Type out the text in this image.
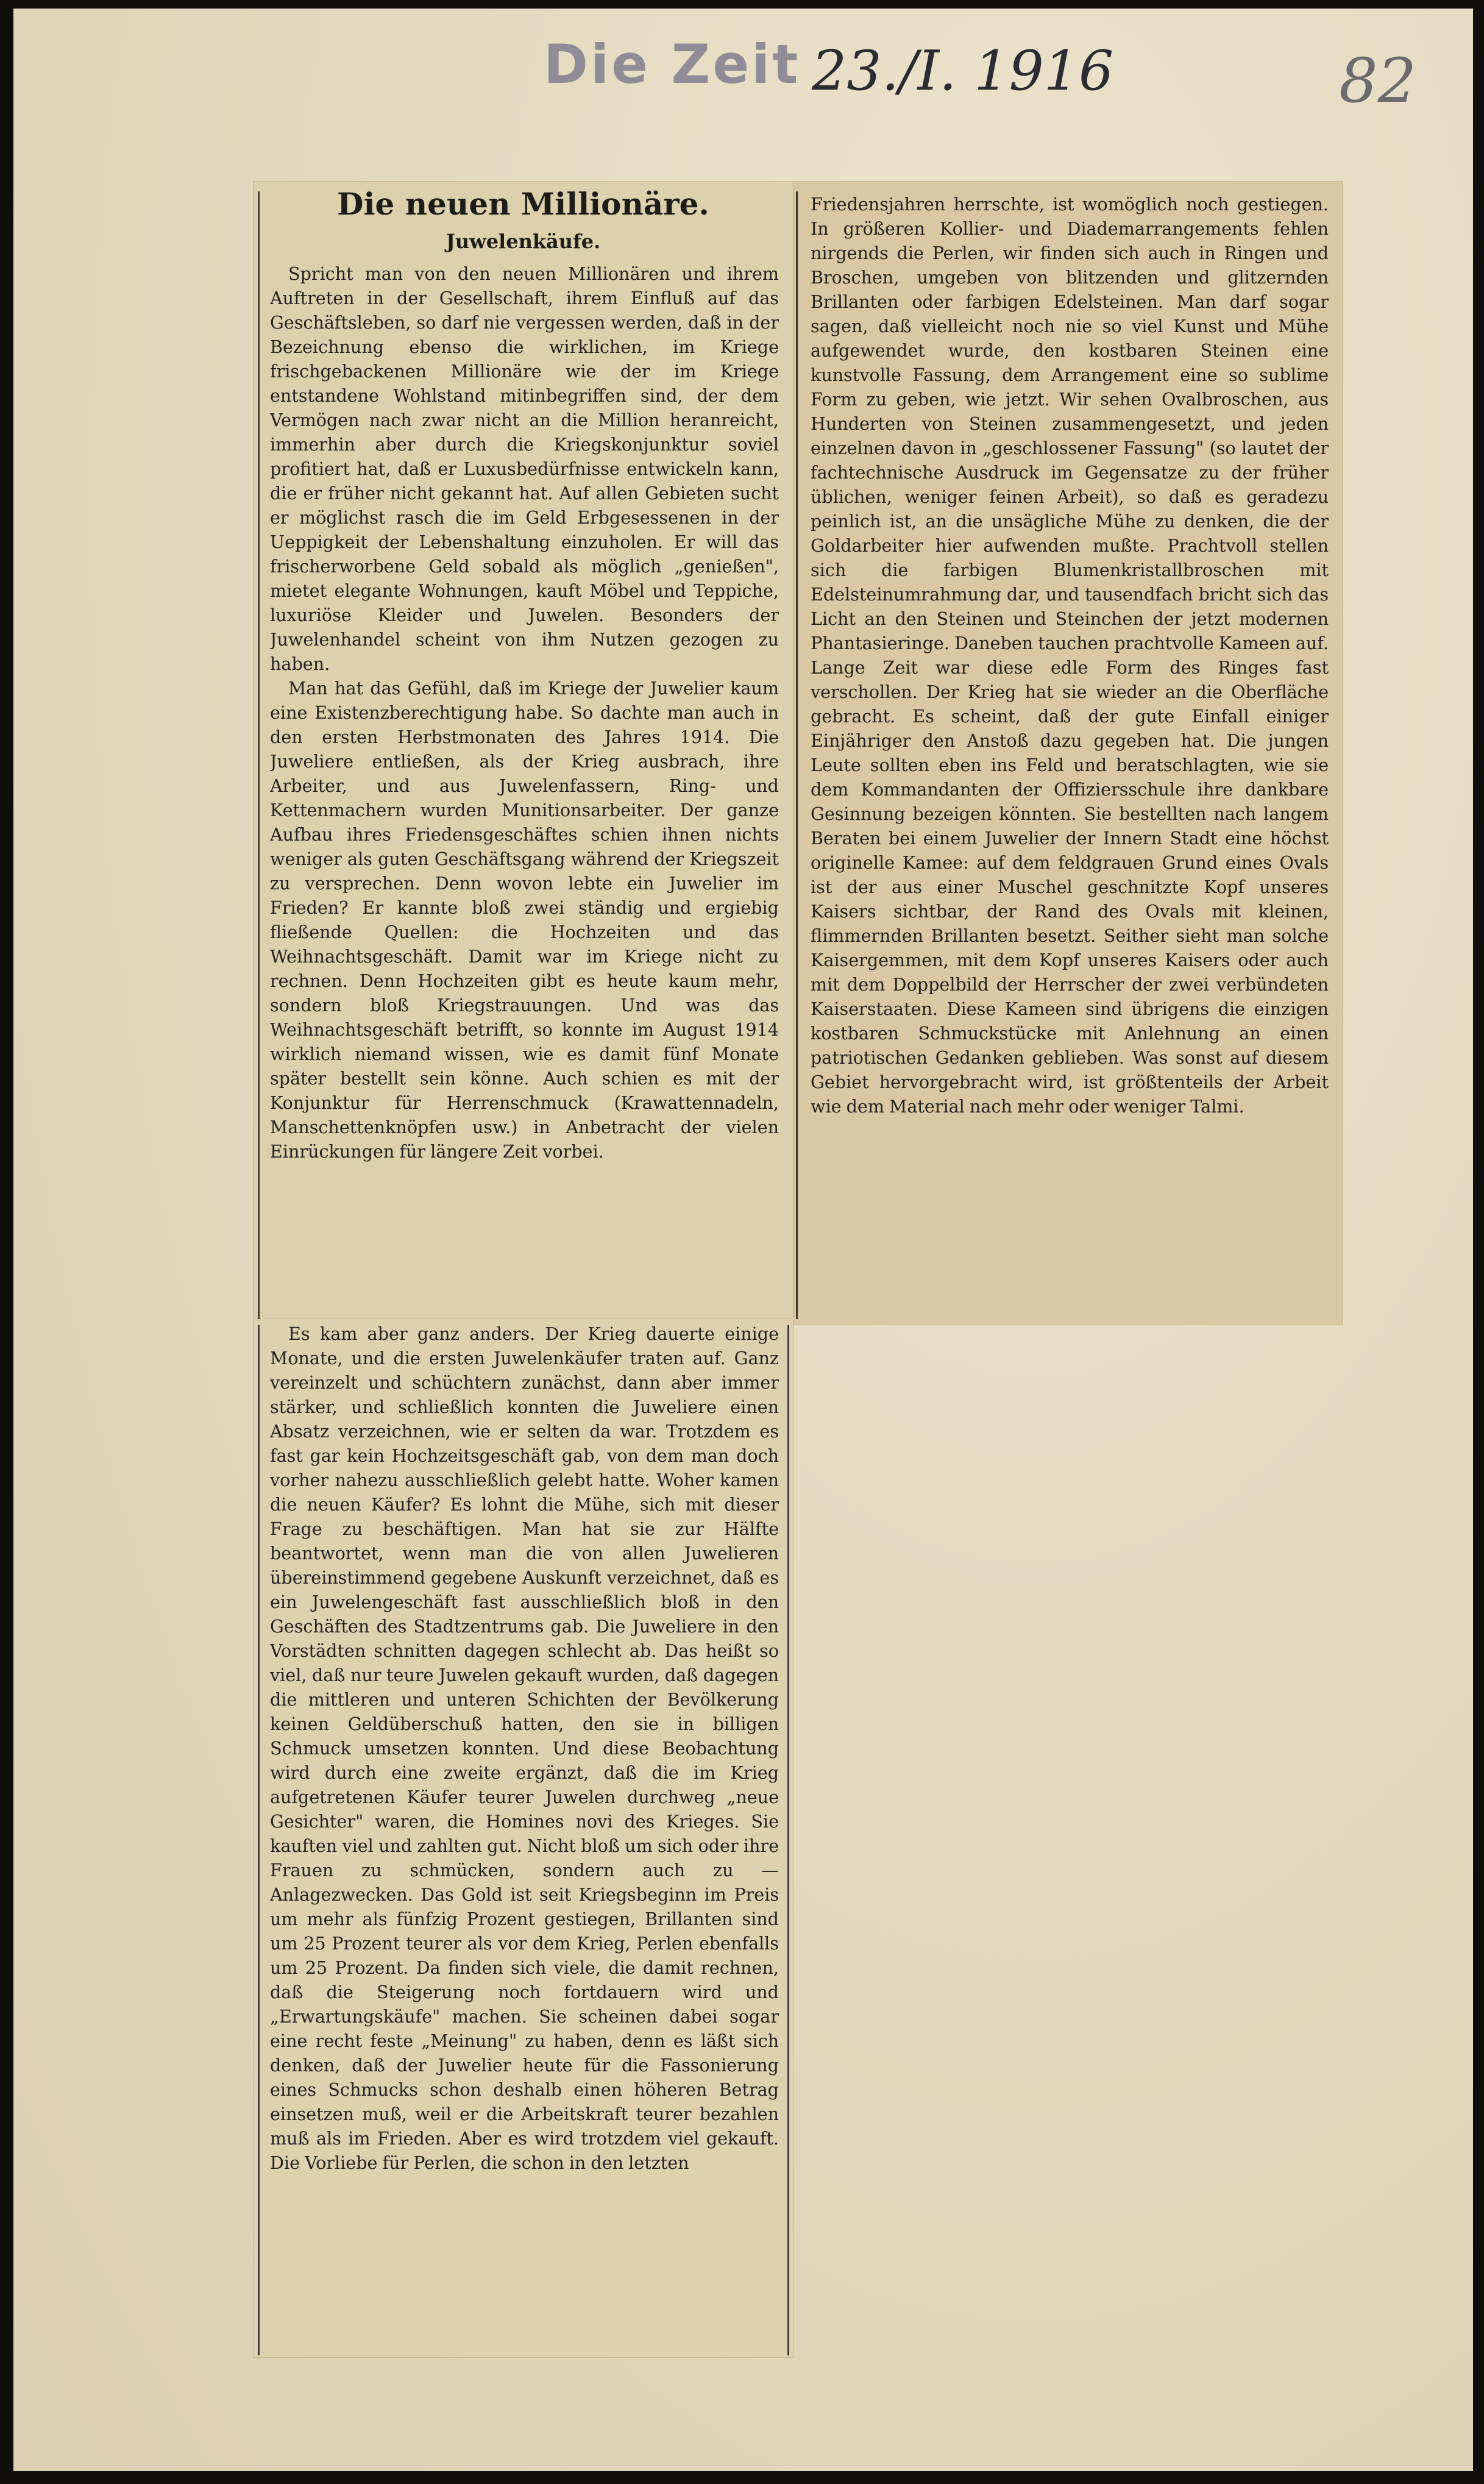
Die Zeit 23./I. 1916	82
Die neuen Millionäre.
Juwelenkäufe.

Spricht man von den neuen Millionären und ihrem Auftreten in der Gesellschaft, ihrem Einfluß auf das Geschäftsleben, so darf nie vergessen werden, daß in der Bezeichnung ebenso die wirklichen, im Kriege frischgebackenen Millionäre wie der im Kriege entstandene Wohlstand mitinbegriffen sind, der dem Vermögen nach zwar nicht an die Million heranreicht, immerhin aber durch die Kriegskonjunktur soviel profitiert hat, daß er Luxusbedürfnisse entwickeln kann, die er früher nicht gekannt hat. Auf allen Gebieten sucht er möglichst rasch die im Geld Erbgesessenen in der Ueppigkeit der Lebenshaltung einzuholen. Er will das frischerworbene Geld sobald als möglich „genießen", mietet elegante Wohnungen, kauft Möbel und Teppiche, luxuriöse Kleider und Juwelen. Besonders der Juwelenhandel scheint von ihm Nutzen gezogen zu haben.

Man hat das Gefühl, daß im Kriege der Juwelier kaum eine Existenzberechtigung habe. So dachte man auch in den ersten Herbstmonaten des Jahres 1914. Die Juweliere entließen, als der Krieg ausbrach, ihre Arbeiter, und aus Juwelenfassern, Ring- und Kettenmachern wurden Munitionsarbeiter. Der ganze Aufbau ihres Friedensgeschäftes schien ihnen nichts weniger als guten Geschäftsgang während der Kriegszeit zu versprechen. Denn wovon lebte ein Juwelier im Frieden? Er kannte bloß zwei ständig und ergiebig fließende Quellen: die Hochzeiten und das Weihnachtsgeschäft. Damit war im Kriege nicht zu rechnen. Denn Hochzeiten gibt es heute kaum mehr, sondern bloß Kriegstrauungen. Und was das Weihnachtsgeschäft betrifft, so konnte im August 1914 wirklich niemand wissen, wie es damit fünf Monate später bestellt sein könne. Auch schien es mit der Konjunktur für Herrenschmuck (Krawattennadeln, Manschettenknöpfen usw.) in Anbetracht der vielen Einrückungen für längere Zeit vorbei.

Friedensjahren herrschte, ist womöglich noch gestiegen. In größeren Kollier- und Diademarrangements fehlen nirgends die Perlen, wir finden sich auch in Ringen und Broschen, umgeben von blitzenden und glitzernden Brillanten oder farbigen Edelsteinen. Man darf sogar sagen, daß vielleicht noch nie so viel Kunst und Mühe aufgewendet wurde, den kostbaren Steinen eine kunstvolle Fassung, dem Arrangement eine so sublime Form zu geben, wie jetzt. Wir sehen Ovalbroschen, aus Hunderten von Steinen zusammengesetzt, und jeden einzelnen davon in „geschlossener Fassung" (so lautet der fachtechnische Ausdruck im Gegensatze zu der früher üblichen, weniger feinen Arbeit), so daß es geradezu peinlich ist, an die unsägliche Mühe zu denken, die der Goldarbeiter hier aufwenden mußte. Prachtvoll stellen sich die farbigen Blumenkristallbroschen mit Edelsteinumrahmung dar, und tausendfach bricht sich das Licht an den Steinen und Steinchen der jetzt modernen Phantasieringe. Daneben tauchen prachtvolle Kameen auf. Lange Zeit war diese edle Form des Ringes fast verschollen. Der Krieg hat sie wieder an die Oberfläche gebracht. Es scheint, daß der gute Einfall einiger Einjähriger den Anstoß dazu gegeben hat. Die jungen Leute sollten eben ins Feld und beratschlagten, wie sie dem Kommandanten der Offiziersschule ihre dankbare Gesinnung bezeigen könnten. Sie bestellten nach langem Beraten bei einem Juwelier der Innern Stadt eine höchst originelle Kamee: auf dem feldgrauen Grund eines Ovals ist der aus einer Muschel geschnitzte Kopf unseres Kaisers sichtbar, der Rand des Ovals mit kleinen, flimmernden Brillanten besetzt. Seither sieht man solche Kaisergemmen, mit dem Kopf unseres Kaisers oder auch mit dem Doppelbild der Herrscher der zwei verbündeten Kaiserstaaten. Diese Kameen sind übrigens die einzigen kostbaren Schmuckstücke mit Anlehnung an einen patriotischen Gedanken geblieben. Was sonst auf diesem Gebiet hervorgebracht wird, ist größtenteils der Arbeit wie dem Material nach mehr oder weniger Talmi.

Es kam aber ganz anders. Der Krieg dauerte einige Monate, und die ersten Juwelenkäufer traten auf. Ganz vereinzelt und schüchtern zunächst, dann aber immer stärker, und schließlich konnten die Juweliere einen Absatz verzeichnen, wie er selten da war. Trotzdem es fast gar kein Hochzeitsgeschäft gab, von dem man doch vorher nahezu ausschließlich gelebt hatte. Woher kamen die neuen Käufer? Es lohnt die Mühe, sich mit dieser Frage zu beschäftigen. Man hat sie zur Hälfte beantwortet, wenn man die von allen Juwelieren übereinstimmend gegebene Auskunft verzeichnet, daß es ein Juwelengeschäft fast ausschließlich bloß in den Geschäften des Stadtzentrums gab. Die Juweliere in den Vorstädten schnitten dagegen schlecht ab. Das heißt so viel, daß nur teure Juwelen gekauft wurden, daß dagegen die mittleren und unteren Schichten der Bevölkerung keinen Geldüberschuß hatten, den sie in billigen Schmuck umsetzen konnten. Und diese Beobachtung wird durch eine zweite ergänzt, daß die im Krieg aufgetretenen Käufer teurer Juwelen durchweg „neue Gesichter" waren, die Homines novi des Krieges. Sie kauften viel und zahlten gut. Nicht bloß um sich oder ihre Frauen zu schmücken, sondern auch zu — Anlagezwecken. Das Gold ist seit Kriegsbeginn im Preis um mehr als fünfzig Prozent gestiegen, Brillanten sind um 25 Prozent teurer als vor dem Krieg, Perlen ebenfalls um 25 Prozent. Da finden sich viele, die damit rechnen, daß die Steigerung noch fortdauern wird und „Erwartungskäufe" machen. Sie scheinen dabei sogar eine recht feste „Meinung" zu haben, denn es läßt sich denken, daß der Juwelier heute für die Fassonierung eines Schmucks schon deshalb einen höheren Betrag einsetzen muß, weil er die Arbeitskraft teurer bezahlen muß als im Frieden. Aber es wird trotzdem viel gekauft. Die Vorliebe für Perlen, die schon in den letzten
